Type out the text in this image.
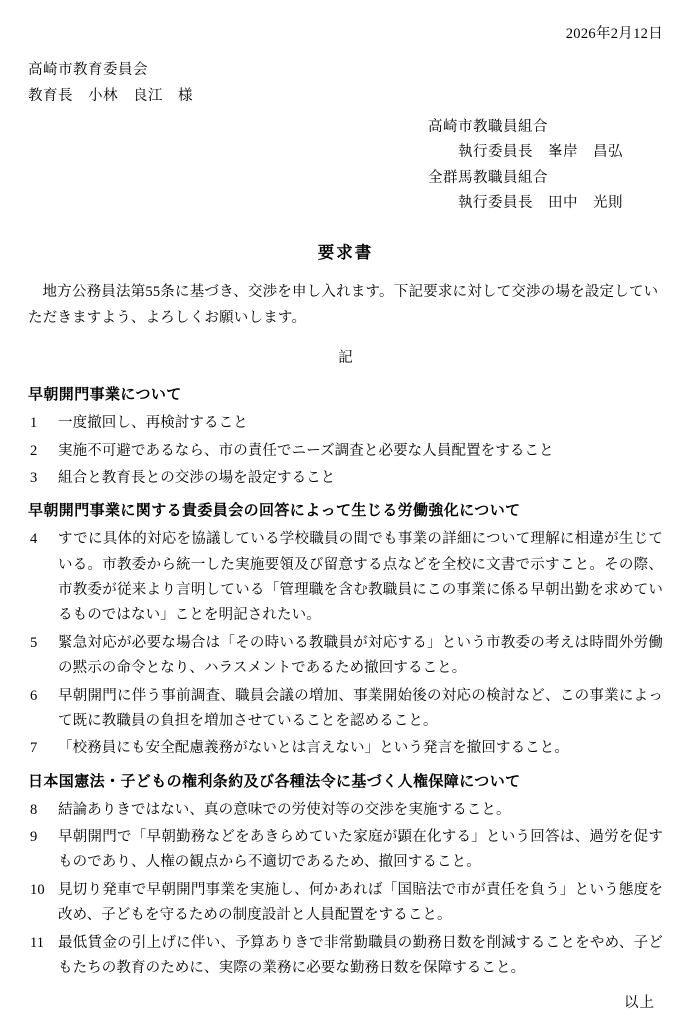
2026年2月12日
高崎市教育委員会
教育長　小林　良江　様
高崎市教職員組合
執行委員長　峯岸　昌弘
全群馬教職員組合
執行委員長　田中　光則
要求書
地方公務員法第55条に基づき、交渉を申し入れます。下記要求に対して交渉の場を設定していただきますよう、よろしくお願いします。
記
早朝開門事業について
1	一度撤回し、再検討すること
2	実施不可避であるなら、市の責任でニーズ調査と必要な人員配置をすること
3	組合と教育長との交渉の場を設定すること
早朝開門事業に関する貴委員会の回答によって生じる労働強化について
4	すでに具体的対応を協議している学校職員の間でも事業の詳細について理解に相違が生じている。市教委から統一した実施要領及び留意する点などを全校に文書で示すこと。その際、市教委が従来より言明している「管理職を含む教職員にこの事業に係る早朝出勤を求めているものではない」ことを明記されたい。
5	緊急対応が必要な場合は「その時いる教職員が対応する」という市教委の考えは時間外労働の黙示の命令となり、ハラスメントであるため撤回すること。
6	早朝開門に伴う事前調査、職員会議の増加、事業開始後の対応の検討など、この事業によって既に教職員の負担を増加させていることを認めること。
7	「校務員にも安全配慮義務がないとは言えない」という発言を撤回すること。
日本国憲法・子どもの権利条約及び各種法令に基づく人権保障について
8	結論ありきではない、真の意味での労使対等の交渉を実施すること。
9	早朝開門で「早朝勤務などをあきらめていた家庭が顕在化する」という回答は、過労を促すものであり、人権の観点から不適切であるため、撤回すること。
10 見切り発車で早朝開門事業を実施し、何かあれば「国賠法で市が責任を負う」という態度を改め、子どもを守るための制度設計と人員配置をすること。
11 最低賃金の引上げに伴い、予算ありきで非常勤職員の勤務日数を削減することをやめ、子どもたちの教育のために、実際の業務に必要な勤務日数を保障すること。
以上
